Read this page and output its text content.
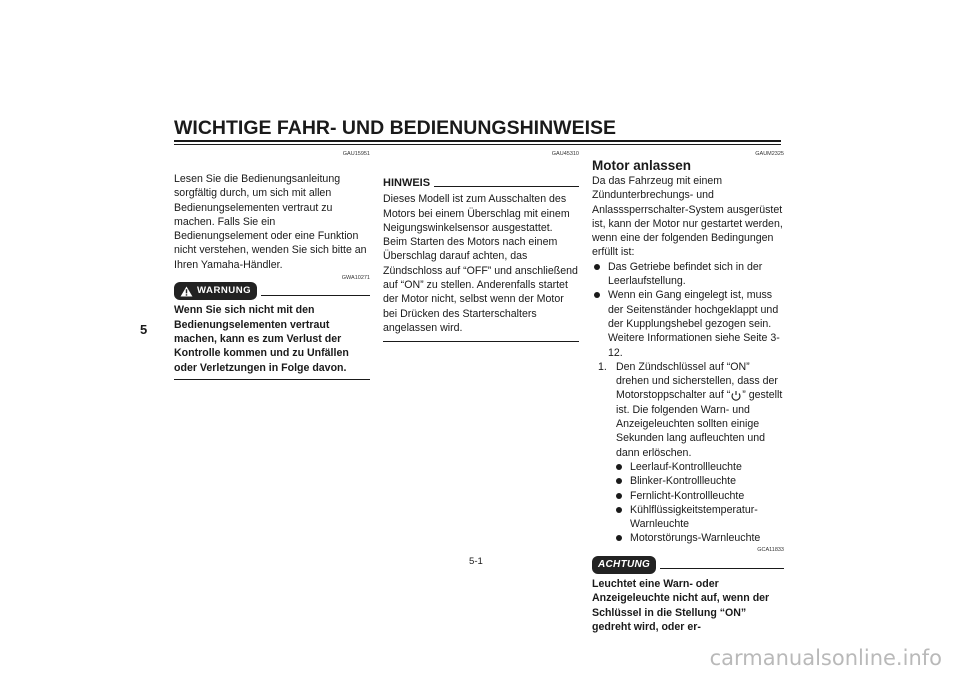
WICHTIGE FAHR- UND BEDIENUNGSHINWEISE
5
GAU15951

Lesen Sie die Bedienungsanleitung sorgfältig durch, um sich mit allen Bedienungselementen vertraut zu machen. Falls Sie ein Bedienungselement oder eine Funktion nicht verstehen, wenden Sie sich bitte an Ihren Yamaha-Händler.

GWA10271
WARNUNG

Wenn Sie sich nicht mit den Bedienungselementen vertraut machen, kann es zum Verlust der Kontrolle kommen und zu Unfällen oder Verletzungen in Folge davon.

GAU45310
HINWEIS

Dieses Modell ist zum Ausschalten des Motors bei einem Überschlag mit einem Neigungswinkelsensor ausgestattet. Beim Starten des Motors nach einem Überschlag darauf achten, das Zündschloss auf “OFF” und anschließend auf “ON” zu stellen. Anderenfalls startet der Motor nicht, selbst wenn der Motor bei Drücken des Starterschalters angelassen wird.

GAUM2325

Motor anlassen

Da das Fahrzeug mit einem Zündunterbrechungs- und Anlasssperrschalter-System ausgerüstet ist, kann der Motor nur gestartet werden, wenn eine der folgenden Bedingungen erfüllt ist:

Das Getriebe befindet sich in der Leerlaufstellung.
Wenn ein Gang eingelegt ist, muss der Seitenständer hochgeklappt und der Kupplungshebel gezogen sein. Weitere Informationen siehe Seite 3-12.
1. Den Zündschlüssel auf “ON” drehen und sicherstellen, dass der Motorstoppschalter auf “ ” gestellt ist. Die folgenden Warn- und Anzeigeleuchten sollten einige Sekunden lang aufleuchten und dann erlöschen.
Leerlauf-Kontrollleuchte
Blinker-Kontrollleuchte
Fernlicht-Kontrollleuchte
Kühlflüssigkeitstemperatur-Warnleuchte
Motorstörungs-Warnleuchte
GCA11833
ACHTUNG

Leuchtet eine Warn- oder Anzeigeleuchte nicht auf, wenn der Schlüssel in die Stellung “ON” gedreht wird, oder er-

5-1
carmanualsonline.info
